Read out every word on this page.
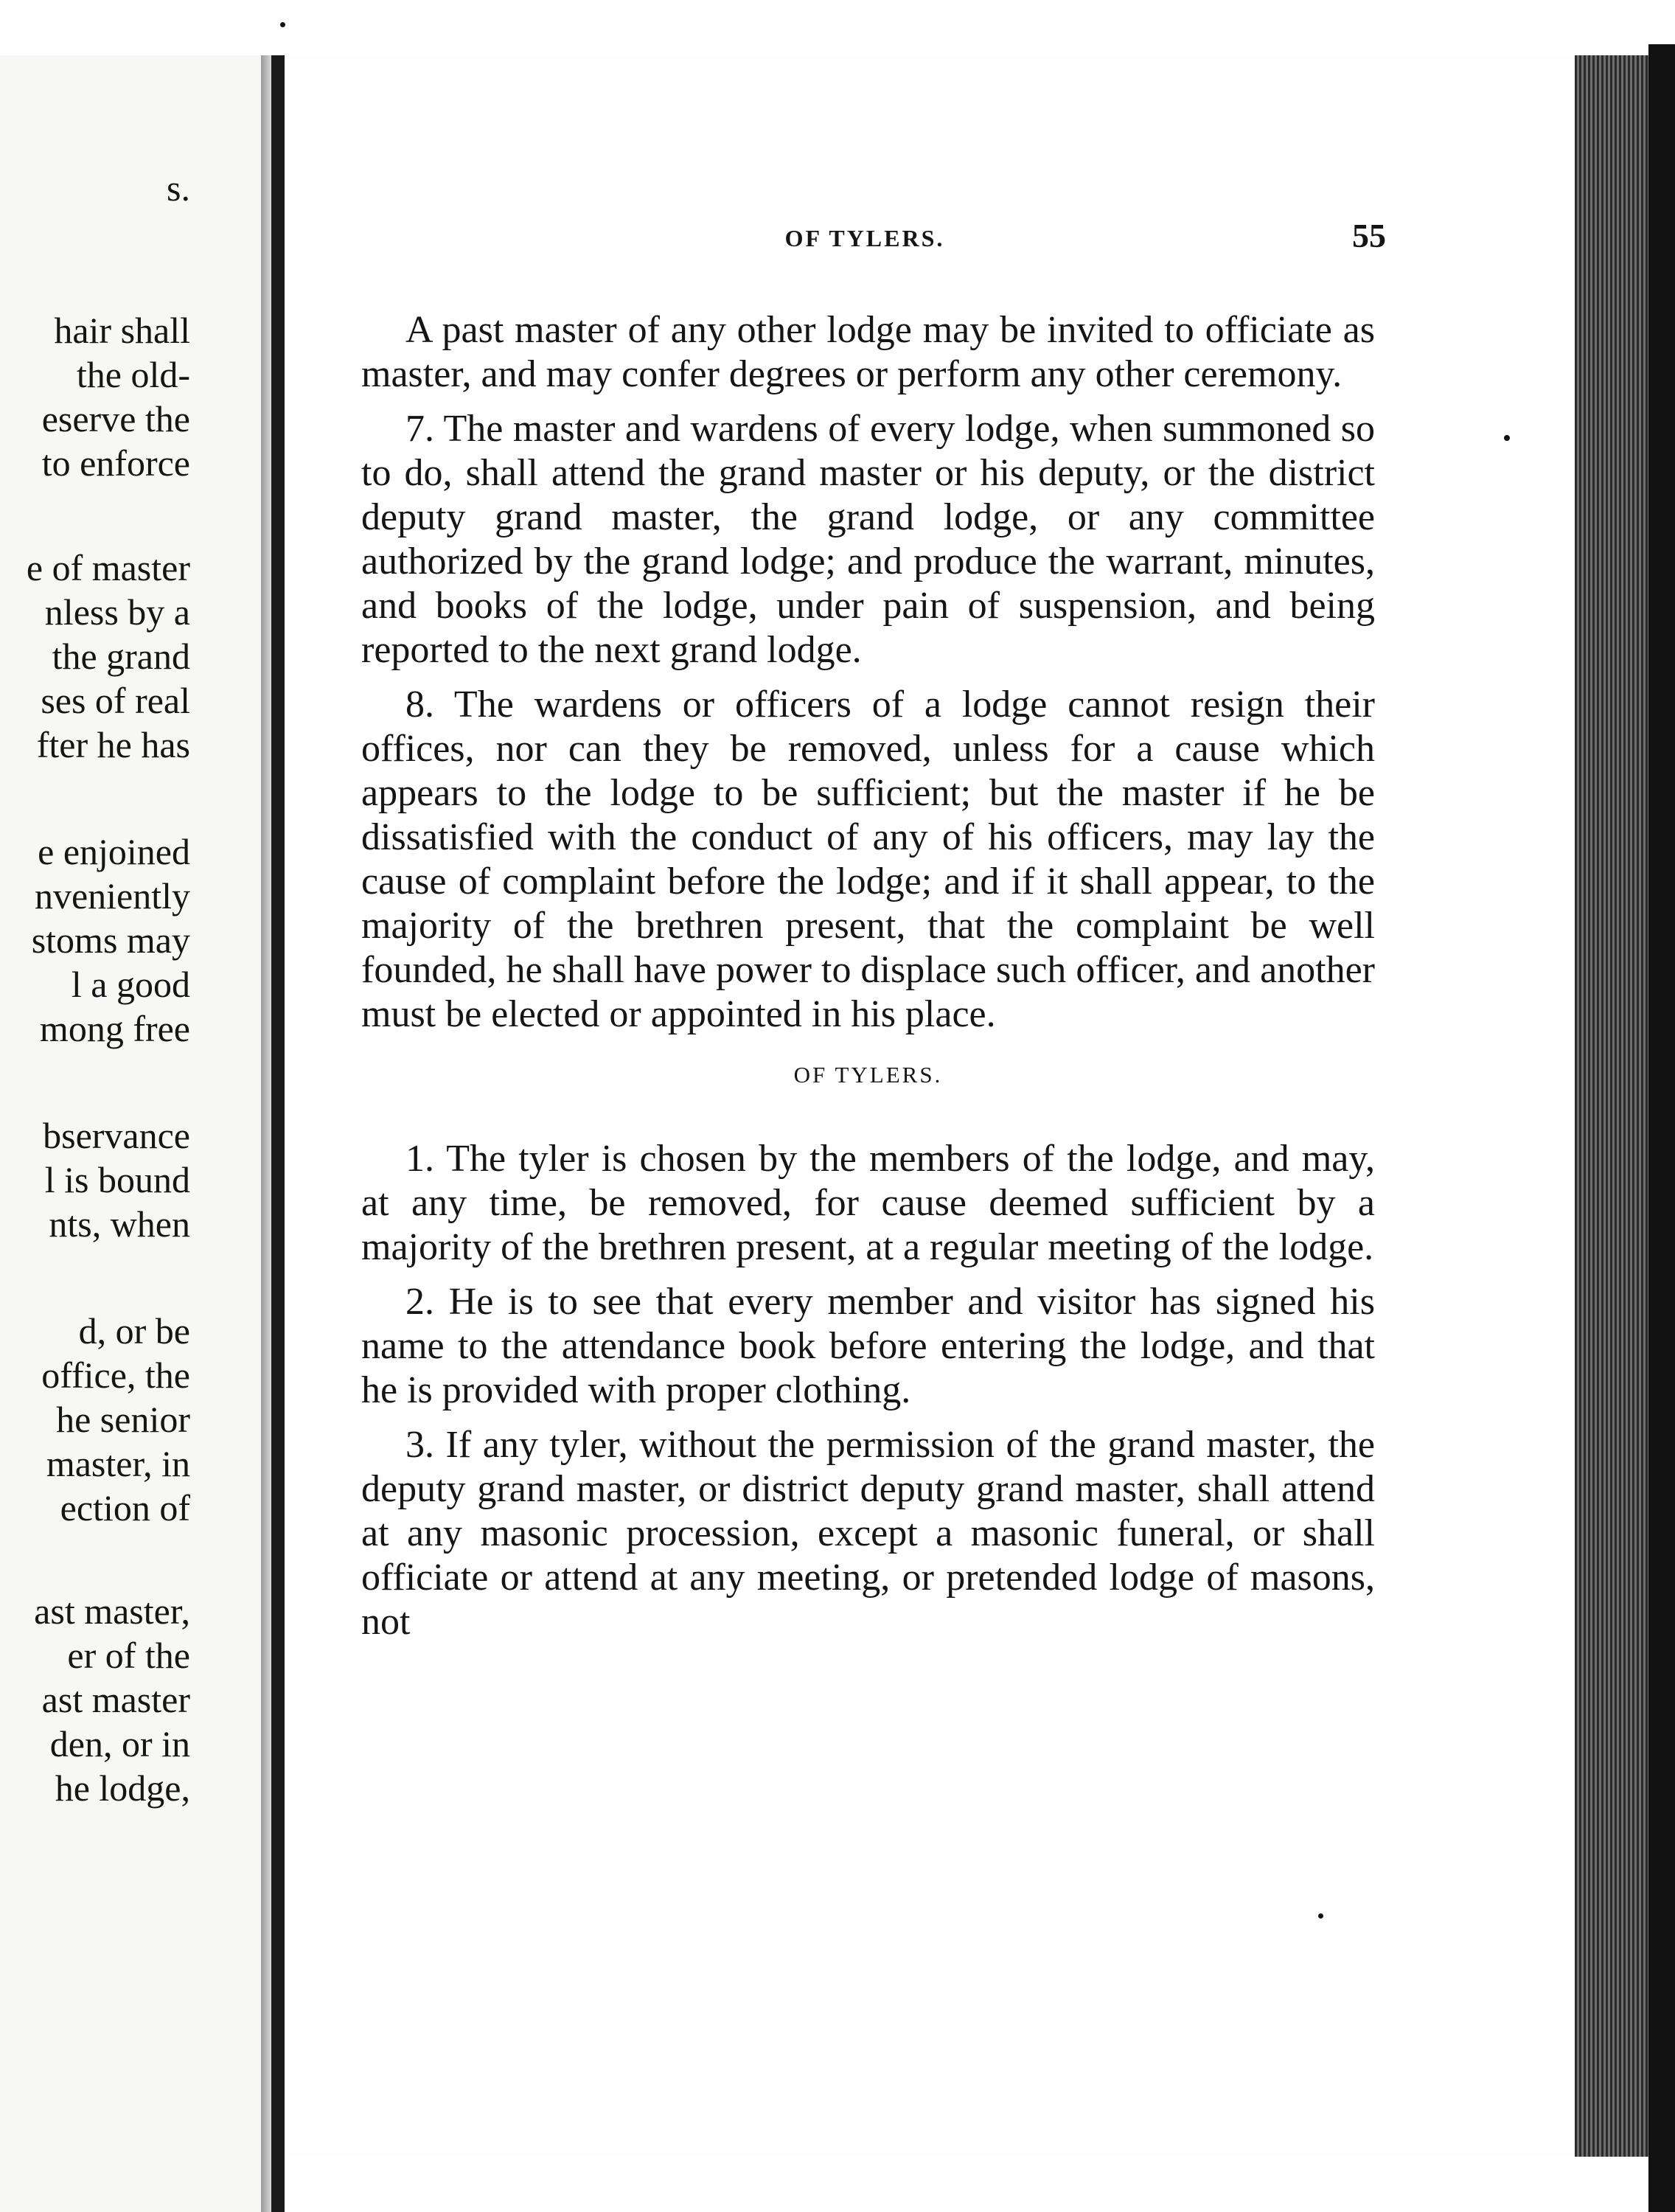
s.
hair shall
the old-
eserve the
to enforce
e of master
nless by a
the grand
ses of real
fter he has
e enjoined
nveniently
stoms may
l a good
mong free
bservance
l is bound
nts, when
d, or be
office, the
he senior
master, in
ection of
ast master,
er of the
ast master
den, or in
he lodge,
OF TYLERS.	55

A past master of any other lodge may be invited to officiate as master, and may confer degrees or perform any other ceremony.

7. The master and wardens of every lodge, when summoned so to do, shall attend the grand master or his deputy, or the district deputy grand master, the grand lodge, or any committee authorized by the grand lodge; and produce the warrant, minutes, and books of the lodge, under pain of suspension, and being reported to the next grand lodge.

8. The wardens or officers of a lodge cannot resign their offices, nor can they be removed, unless for a cause which appears to the lodge to be sufficient; but the master if he be dissatisfied with the conduct of any of his officers, may lay the cause of complaint before the lodge; and if it shall appear, to the majority of the brethren present, that the complaint be well founded, he shall have power to displace such officer, and another must be elected or appointed in his place.

OF TYLERS.

1. The tyler is chosen by the members of the lodge, and may, at any time, be removed, for cause deemed sufficient by a majority of the brethren present, at a regular meeting of the lodge.

2. He is to see that every member and visitor has signed his name to the attendance book before entering the lodge, and that he is provided with proper clothing.

3. If any tyler, without the permission of the grand master, the deputy grand master, or district deputy grand master, shall attend at any masonic procession, except a masonic funeral, or shall officiate or attend at any meeting, or pretended lodge of masons, not
